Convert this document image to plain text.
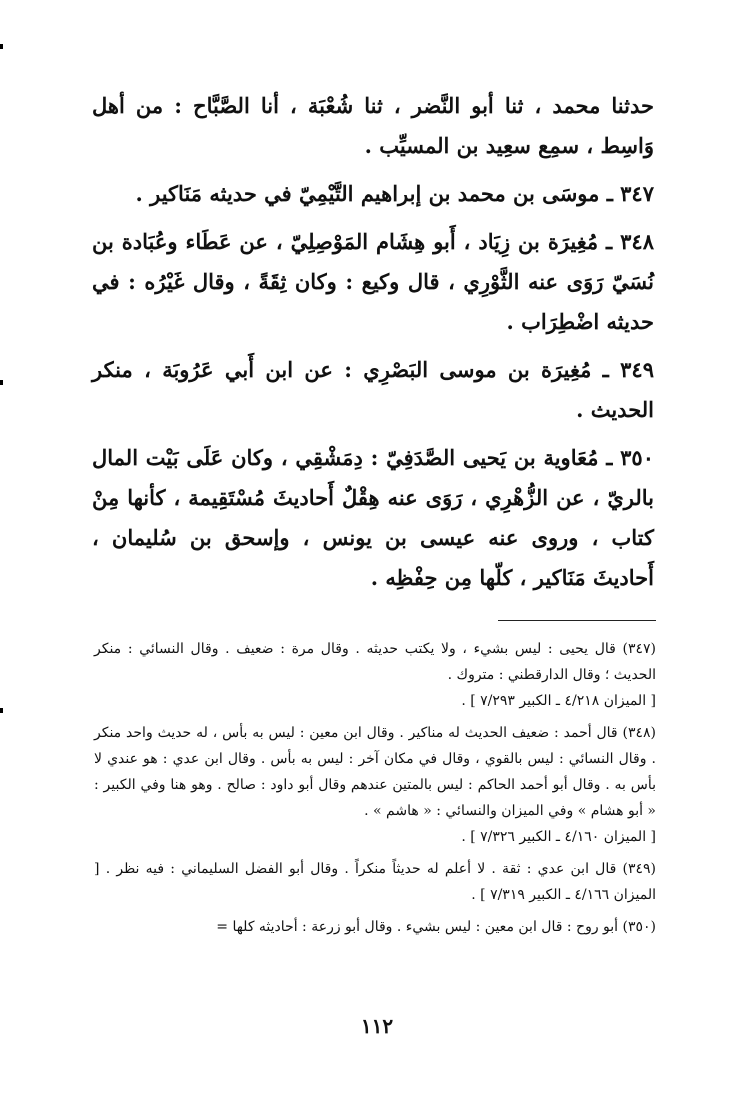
حدثنا محمد ، ثنا أبو النَّضر ، ثنا شُعْبَة ، أنا الصَّبَّاح : من أهل وَاسِط ، سمِع سعِيد بن المسيِّب .

٣٤٧ ـ موسَى بن محمد بن إبراهيم التَّيْمِيّ في حديثه مَنَاكير .

٣٤٨ ـ مُغِيرَة بن زِيَاد ، أَبو هِشَام المَوْصِلِيّ ، عن عَطَاء وعُبَادة بن نُسَيّ رَوَى عنه الثَّوْرِي ، قال وكيع : وكان ثِقَةً ، وقال غَيْرُه : في حديثه اضْطِرَاب .

٣٤٩ ـ مُغِيرَة بن موسى البَصْرِي : عن ابن أَبي عَرُوبَة ، منكر الحديث .

٣٥٠ ـ مُعَاوية بن يَحيى الصَّدَفِيّ : دِمَشْقِي ، وكان عَلَى بَيْت المال بالريّ ، عن الزُّهْرِي ، رَوَى عنه هِقْلٌ أَحاديثَ مُسْتَقِيمة ، كأنها مِنْ كتاب ، وروى عنه عيسى بن يونس ، وإسحق بن سُليمان ، أَحاديثَ مَنَاكير ، كلّها مِن حِفْظِه .

(٣٤٧) قال يحيى : ليس بشيء ، ولا يكتب حديثه . وقال مرة : ضعيف . وقال النسائي : منكر الحديث ؛ وقال الدارقطني : متروك .
[ الميزان ٤/٢١٨ ـ الكبير ٧/٢٩٣ ] .

(٣٤٨) قال أحمد : ضعيف الحديث له مناكير . وقال ابن معين : ليس به بأس ، له حديث واحد منكر . وقال النسائي : ليس بالقوي ، وقال في مكان آخر : ليس به بأس . وقال ابن عدي : هو عندي لا بأس به . وقال أبو أحمد الحاكم : ليس بالمتين عندهم وقال أبو داود : صالح . وهو هنا وفي الكبير : « أبو هشام » وفي الميزان والنسائي : « هاشم » .
[ الميزان ٤/١٦٠ ـ الكبير ٧/٣٢٦ ] .

(٣٤٩) قال ابن عدي : ثقة . لا أعلم له حديثاً منكراً . وقال أبو الفضل السليماني : فيه نظر . [ الميزان ٤/١٦٦ ـ الكبير ٧/٣١٩ ] .

(٣٥٠) أبو روح : قال ابن معين : ليس بشيء . وقال أبو زرعة : أحاديثه كلها =

١١٢
